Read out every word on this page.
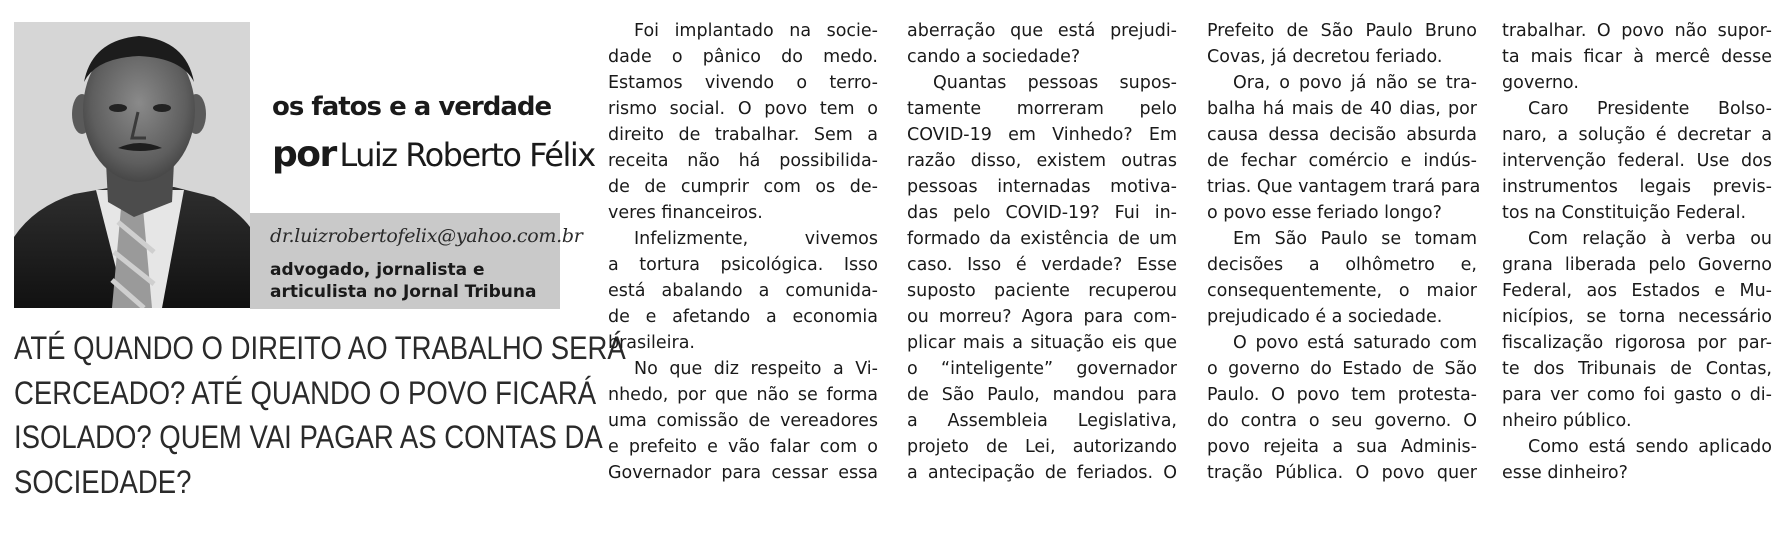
os fatos e a verdade
por Luiz Roberto Félix

dr.luizrobertofelix@yahoo.com.br

advogado, jornalista e
articulista no Jornal Tribuna

ATÉ QUANDO O DIREITO AO TRABALHO SERÁ
CERCEADO? ATÉ QUANDO O POVO FICARÁ
ISOLADO? QUEM VAI PAGAR AS CONTAS DA
SOCIEDADE?
Foi implantado na socie-
dade o pânico do medo.
Estamos vivendo o terro-
rismo social. O povo tem o
direito de trabalhar. Sem a
receita não há possibilida-
de de cumprir com os de-
veres financeiros.
Infelizmente, vivemos
a tortura psicológica. Isso
está abalando a comunida-
de e afetando a economia
brasileira.
No que diz respeito a Vi-
nhedo, por que não se forma
uma comissão de vereadores
e prefeito e vão falar com o
Governador para cessar essa
aberração que está prejudi-
cando a sociedade?
Quantas pessoas supos-
tamente morreram pelo
COVID-19 em Vinhedo? Em
razão disso, existem outras
pessoas internadas motiva-
das pelo COVID-19? Fui in-
formado da existência de um
caso. Isso é verdade? Esse
suposto paciente recuperou
ou morreu? Agora para com-
plicar mais a situação eis que
o “inteligente” governador
de São Paulo, mandou para
a Assembleia Legislativa,
projeto de Lei, autorizando
a antecipação de feriados. O
Prefeito de São Paulo Bruno
Covas, já decretou feriado.
Ora, o povo já não se tra-
balha há mais de 40 dias, por
causa dessa decisão absurda
de fechar comércio e indús-
trias. Que vantagem trará para
o povo esse feriado longo?
Em São Paulo se tomam
decisões a olhômetro e,
consequentemente, o maior
prejudicado é a sociedade.
O povo está saturado com
o governo do Estado de São
Paulo. O povo tem protesta-
do contra o seu governo. O
povo rejeita a sua Adminis-
tração Pública. O povo quer
trabalhar. O povo não supor-
ta mais ficar à mercê desse
governo.
Caro Presidente Bolso-
naro, a solução é decretar a
intervenção federal. Use dos
instrumentos legais previs-
tos na Constituição Federal.
Com relação à verba ou
grana liberada pelo Governo
Federal, aos Estados e Mu-
nicípios, se torna necessário
fiscalização rigorosa por par-
te dos Tribunais de Contas,
para ver como foi gasto o di-
nheiro público.
Como está sendo aplicado
esse dinheiro?
